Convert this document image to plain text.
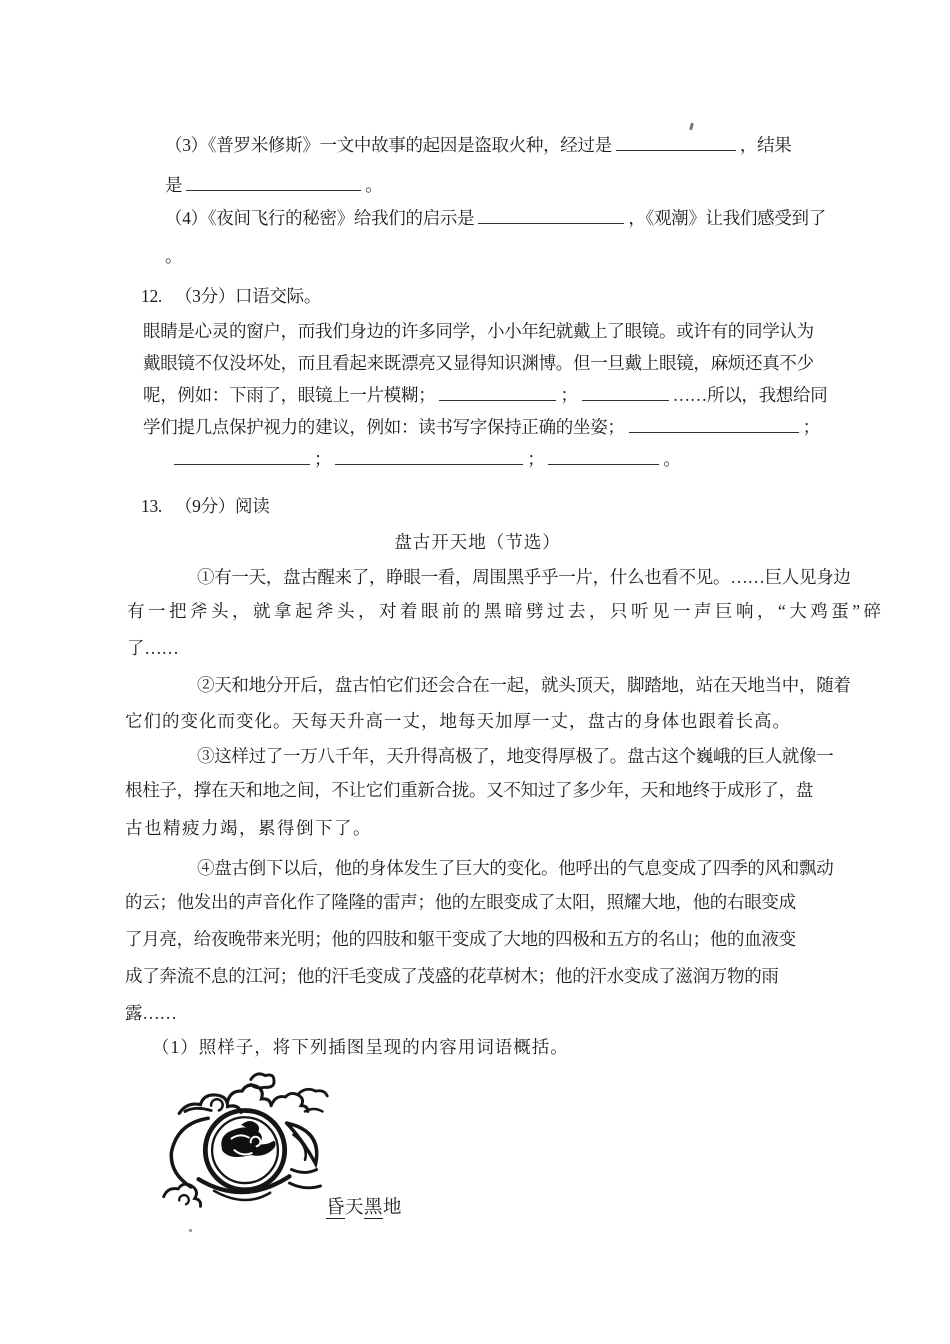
（3）《普罗米修斯》一文中故事的起因是盗取火种，经过是	，结果
是	。
（4）《夜间飞行的秘密》给我们的启示是	，《观潮》让我们感受到了
。
12. （3分）口语交际。
眼睛是心灵的窗户，而我们身边的许多同学，小小年纪就戴上了眼镜。或许有的同学认为
戴眼镜不仅没坏处，而且看起来既漂亮又显得知识渊博。但一旦戴上眼镜，麻烦还真不少
呢，例如：下雨了，眼镜上一片模糊；	；	……所以，我想给同
学们提几点保护视力的建议，例如：读书写字保持正确的坐姿；	；
；	；	。
13. （9分）阅读
盘古开天地（节选）
①有一天，盘古醒来了，睁眼一看，周围黑乎乎一片，什么也看不见。……巨人见身边
有一把斧头，就拿起斧头，对着眼前的黑暗劈过去，只听见一声巨响，“大鸡蛋”碎
了……
②天和地分开后，盘古怕它们还会合在一起，就头顶天，脚踏地，站在天地当中，随着
它们的变化而变化。天每天升高一丈，地每天加厚一丈，盘古的身体也跟着长高。
③这样过了一万八千年，天升得高极了，地变得厚极了。盘古这个巍峨的巨人就像一
根柱子，撑在天和地之间，不让它们重新合拢。又不知过了多少年，天和地终于成形了，盘
古也精疲力竭，累得倒下了。
④盘古倒下以后，他的身体发生了巨大的变化。他呼出的气息变成了四季的风和飘动
的云；他发出的声音化作了隆隆的雷声；他的左眼变成了太阳，照耀大地，他的右眼变成
了月亮，给夜晚带来光明；他的四肢和躯干变成了大地的四极和五方的名山；他的血液变
成了奔流不息的江河；他的汗毛变成了茂盛的花草树木；他的汗水变成了滋润万物的雨
露……
（1）照样子，将下列插图呈现的内容用词语概括。
昏天黑地
